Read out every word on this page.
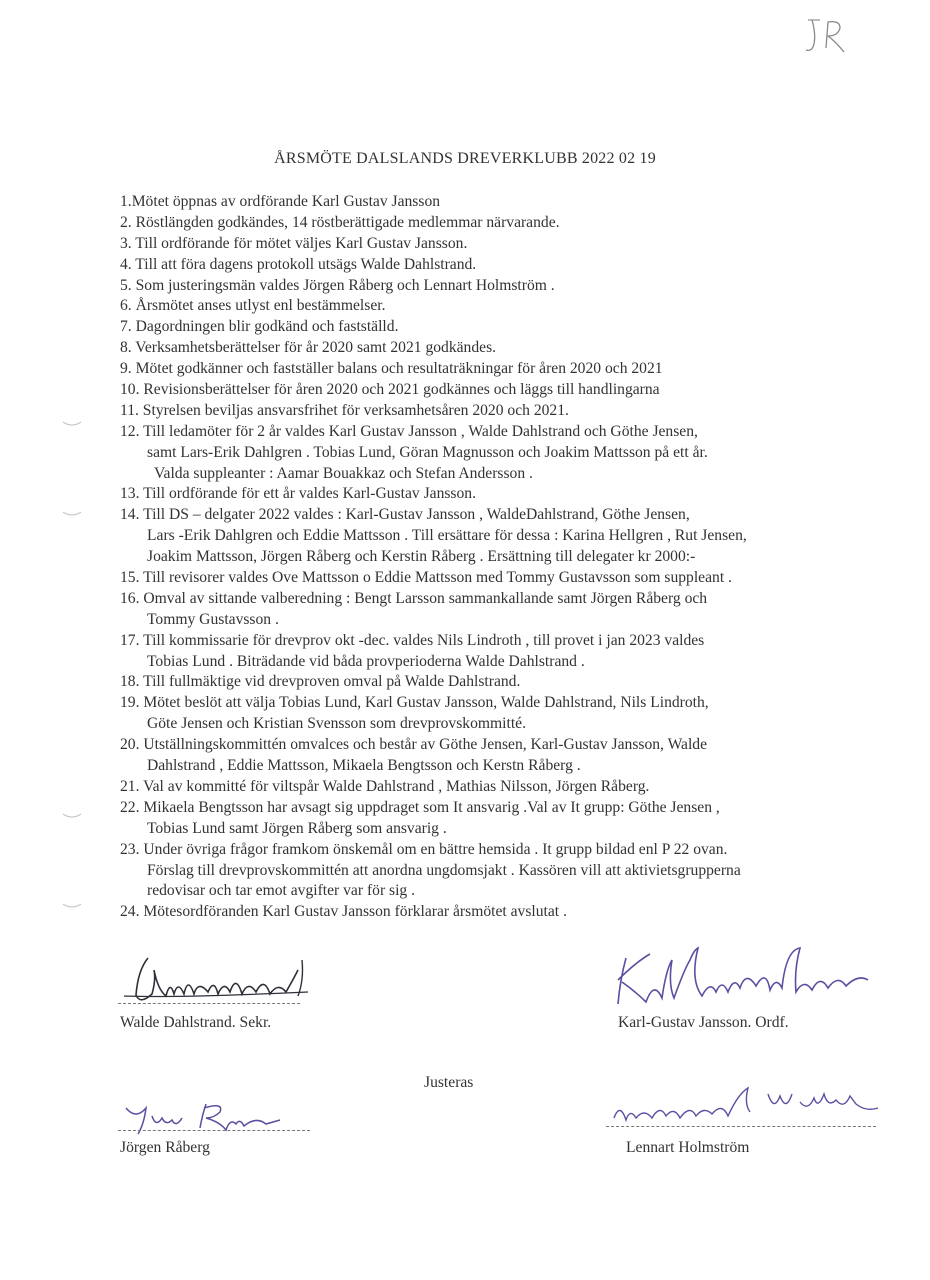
ÅRSMÖTE DALSLANDS DREVERKLUBB 2022 02 19
1.Mötet öppnas av ordförande Karl Gustav Jansson
2. Röstlängden godkändes, 14 röstberättigade medlemmar närvarande.
3. Till ordförande för mötet väljes Karl Gustav Jansson.
4. Till att föra dagens protokoll utsägs Walde Dahlstrand.
5. Som justeringsmän valdes Jörgen Råberg och Lennart Holmström .
6. Årsmötet anses utlyst enl bestämmelser.
7. Dagordningen blir godkänd och fastställd.
8. Verksamhetsberättelser för år 2020 samt 2021 godkändes.
9. Mötet godkänner och fastställer balans och resultaträkningar för åren 2020 och 2021
10. Revisionsberättelser för åren 2020 och 2021 godkännes och läggs till handlingarna
11. Styrelsen beviljas ansvarsfrihet för verksamhetsåren 2020 och 2021.
12. Till ledamöter för 2 år valdes Karl Gustav Jansson , Walde Dahlstrand och Göthe Jensen,
samt Lars-Erik Dahlgren . Tobias Lund, Göran Magnusson och Joakim Mattsson på ett år.
Valda suppleanter : Aamar Bouakkaz och Stefan Andersson .
13. Till ordförande för ett år valdes Karl-Gustav Jansson.
14. Till DS – delgater 2022 valdes : Karl-Gustav Jansson , WaldeDahlstrand, Göthe Jensen,
Lars -Erik Dahlgren och Eddie Mattsson . Till ersättare för dessa : Karina Hellgren , Rut Jensen,
Joakim Mattsson, Jörgen Råberg och Kerstin Råberg . Ersättning till delegater kr 2000:-
15. Till revisorer valdes Ove Mattsson o Eddie Mattsson med Tommy Gustavsson som suppleant .
16. Omval av sittande valberedning : Bengt Larsson sammankallande samt Jörgen Råberg och
Tommy Gustavsson .
17. Till kommissarie för drevprov okt -dec. valdes Nils Lindroth , till provet i jan 2023 valdes
Tobias Lund . Biträdande vid båda provperioderna Walde Dahlstrand .
18. Till fullmäktige vid drevproven omval på Walde Dahlstrand.
19. Mötet beslöt att välja Tobias Lund, Karl Gustav Jansson, Walde Dahlstrand, Nils Lindroth,
Göte Jensen och Kristian Svensson som drevprovskommitté.
20. Utställningskommittén omvalces och består av Göthe Jensen, Karl-Gustav Jansson, Walde
Dahlstrand , Eddie Mattsson, Mikaela Bengtsson och Kerstn Råberg .
21. Val av kommitté för viltspår Walde Dahlstrand , Mathias Nilsson, Jörgen Råberg.
22. Mikaela Bengtsson har avsagt sig uppdraget som It ansvarig .Val av It grupp: Göthe Jensen ,
Tobias Lund samt Jörgen Råberg som ansvarig .
23. Under övriga frågor framkom önskemål om en bättre hemsida . It grupp bildad enl P 22 ovan.
Förslag till drevprovskommittén att anordna ungdomsjakt . Kassören vill att aktivietsgrupperna
redovisar och tar emot avgifter var för sig .
24. Mötesordföranden Karl Gustav Jansson förklarar årsmötet avslutat .
Walde Dahlstrand. Sekr.	Karl-Gustav Jansson. Ordf.
Justeras
Jörgen Råberg	Lennart Holmström
